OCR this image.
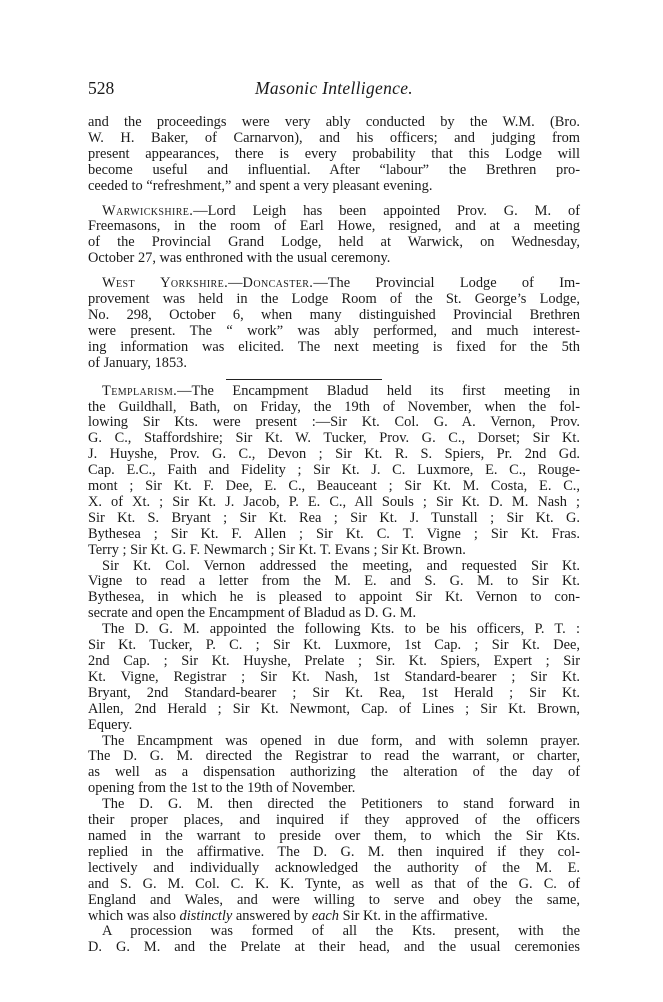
528	Masonic Intelligence.
and the proceedings were very ably conducted by the W.M. (Bro.
W. H. Baker, of Carnarvon), and his officers; and judging from
present appearances, there is every probability that this Lodge will
become useful and influential. After “labour” the Brethren pro-
ceeded to “refreshment,” and spent a very pleasant evening.
Warwickshire.—Lord Leigh has been appointed Prov. G. M. of
Freemasons, in the room of Earl Howe, resigned, and at a meeting
of the Provincial Grand Lodge, held at Warwick, on Wednesday,
October 27, was enthroned with the usual ceremony.
West Yorkshire.—Doncaster.—The Provincial Lodge of Im-
provement was held in the Lodge Room of the St. George’s Lodge,
No. 298, October 6, when many distinguished Provincial Brethren
were present. The “ work” was ably performed, and much interest-
ing information was elicited. The next meeting is fixed for the 5th
of January, 1853.
Templarism.—The Encampment Bladud held its first meeting in
the Guildhall, Bath, on Friday, the 19th of November, when the fol-
lowing Sir Kts. were present :—Sir Kt. Col. G. A. Vernon, Prov.
G. C., Staffordshire; Sir Kt. W. Tucker, Prov. G. C., Dorset; Sir Kt.
J. Huyshe, Prov. G. C., Devon ; Sir Kt. R. S. Spiers, Pr. 2nd Gd.
Cap. E.C., Faith and Fidelity ; Sir Kt. J. C. Luxmore, E. C., Rouge-
mont ; Sir Kt. F. Dee, E. C., Beauceant ; Sir Kt. M. Costa, E. C.,
X. of Xt. ; Sir Kt. J. Jacob, P. E. C., All Souls ; Sir Kt. D. M. Nash ;
Sir Kt. S. Bryant ; Sir Kt. Rea ; Sir Kt. J. Tunstall ; Sir Kt. G.
Bythesea ; Sir Kt. F. Allen ; Sir Kt. C. T. Vigne ; Sir Kt. Fras.
Terry ; Sir Kt. G. F. Newmarch ; Sir Kt. T. Evans ; Sir Kt. Brown.
Sir Kt. Col. Vernon addressed the meeting, and requested Sir Kt.
Vigne to read a letter from the M. E. and S. G. M. to Sir Kt.
Bythesea, in which he is pleased to appoint Sir Kt. Vernon to con-
secrate and open the Encampment of Bladud as D. G. M.
The D. G. M. appointed the following Kts. to be his officers, P. T. :
Sir Kt. Tucker, P. C. ; Sir Kt. Luxmore, 1st Cap. ; Sir Kt. Dee,
2nd Cap. ; Sir Kt. Huyshe, Prelate ; Sir. Kt. Spiers, Expert ; Sir
Kt. Vigne, Registrar ; Sir Kt. Nash, 1st Standard-bearer ; Sir Kt.
Bryant, 2nd Standard-bearer ; Sir Kt. Rea, 1st Herald ; Sir Kt.
Allen, 2nd Herald ; Sir Kt. Newmont, Cap. of Lines ; Sir Kt. Brown,
Equery.
The Encampment was opened in due form, and with solemn prayer.
The D. G. M. directed the Registrar to read the warrant, or charter,
as well as a dispensation authorizing the alteration of the day of
opening from the 1st to the 19th of November.
The D. G. M. then directed the Petitioners to stand forward in
their proper places, and inquired if they approved of the officers
named in the warrant to preside over them, to which the Sir Kts.
replied in the affirmative. The D. G. M. then inquired if they col-
lectively and individually acknowledged the authority of the M. E.
and S. G. M. Col. C. K. K. Tynte, as well as that of the G. C. of
England and Wales, and were willing to serve and obey the same,
which was also distinctly answered by each Sir Kt. in the affirmative.
A procession was formed of all the Kts. present, with the
D. G. M. and the Prelate at their head, and the usual ceremonies
